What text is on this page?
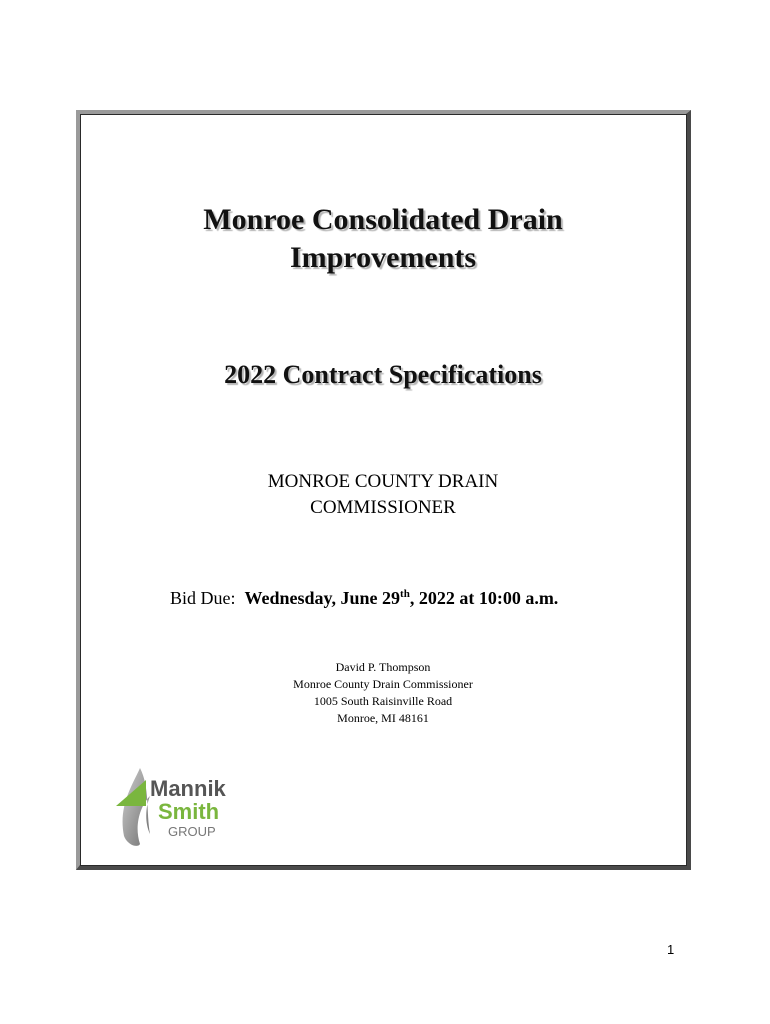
Monroe Consolidated Drain
Improvements
2022 Contract Specifications
MONROE COUNTY DRAIN
COMMISSIONER
Bid Due: Wednesday, June 29th, 2022 at 10:00 a.m.
David P. Thompson
Monroe County Drain Commissioner
1005 South Raisinville Road
Monroe, MI 48161
Mannik
Smith
GROUP
1
